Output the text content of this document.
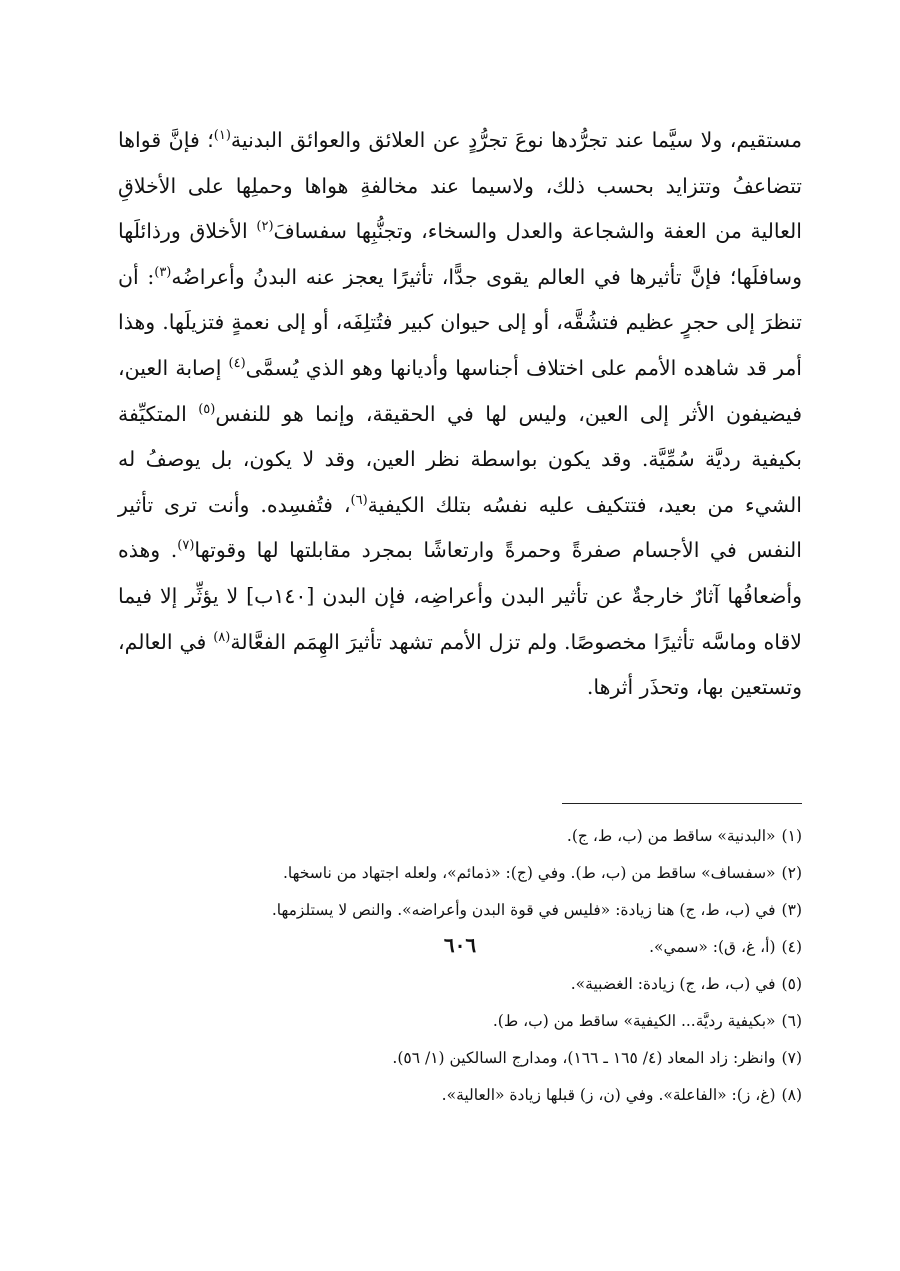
مستقيم، ولا سيَّما عند تجرُّدها نوعَ تجرُّدٍ عن العلائق والعوائق البدنية$^{(١)}$؛ فإنَّ قواها تتضاعفُ وتتزايد بحسب ذلك، ولاسيما عند مخالفةِ هواها وحملِها على الأخلاقِ العالية من العفة والشجاعة والعدل والسخاء، وتجنُّبِها سفسافَ$^{(٢)}$ الأخلاق ورذائلَها وسافلَها؛ فإنَّ تأثيرها في العالم يقوى جدًّا، تأثيرًا يعجز عنه البدنُ وأعراضُه$^{(٣)}$: أن تنظرَ إلى حجرٍ عظيم فتشُقَّه، أو إلى حيوان كبير فتُتلِفَه، أو إلى نعمةٍ فتزيلَها. وهذا أمر قد شاهده الأمم على اختلاف أجناسها وأديانها وهو الذي يُسمَّى$^{(٤)}$ إصابة العين، فيضيفون الأثر إلى العين، وليس لها في الحقيقة، وإنما هو للنفس$^{(٥)}$ المتكيِّفة بكيفية رديَّة سُمِّيَّة. وقد يكون بواسطة نظر العين، وقد لا يكون، بل يوصفُ له الشيء من بعيد، فتتكيف عليه نفسُه بتلك الكيفية$^{(٦)}$، فتُفسِده. وأنت ترى تأثير النفس في الأجسام صفرةً وحمرةً وارتعاشًا بمجرد مقابلتها لها وقوتها$^{(٧)}$. وهذه وأضعافُها آثارٌ خارجةٌ عن تأثير البدن وأعراضِه، فإن البدن [١٤٠ب] لا يؤثِّر إلا فيما لاقاه وماسَّه تأثيرًا مخصوصًا. ولم تزل الأمم تشهد تأثيرَ الهِمَم الفعَّالة$^{(٨)}$ في العالم، وتستعين بها، وتحذَر أثرها.

(١)«البدنية» ساقط من (ب، ط، ج).
(٢)«سفساف» ساقط من (ب، ط). وفي (ج): «ذمائم»، ولعله اجتهاد من ناسخها.
(٣)في (ب، ط، ج) هنا زيادة: «فليس في قوة البدن وأعراضه». والنص لا يستلزمها.
(٤)(أ، غ، ق): «سمي».
(٥)في (ب، ط، ج) زيادة: الغضبية».
(٦)«بكيفية رديَّة... الكيفية» ساقط من (ب، ط).
(٧)وانظر: زاد المعاد (٤/ ١٦٥ ـ ١٦٦)، ومدارج السالكين (١/ ٥٦).
(٨)(غ، ز): «الفاعلة». وفي (ن، ز) قبلها زيادة «العالية».
٦٠٦
